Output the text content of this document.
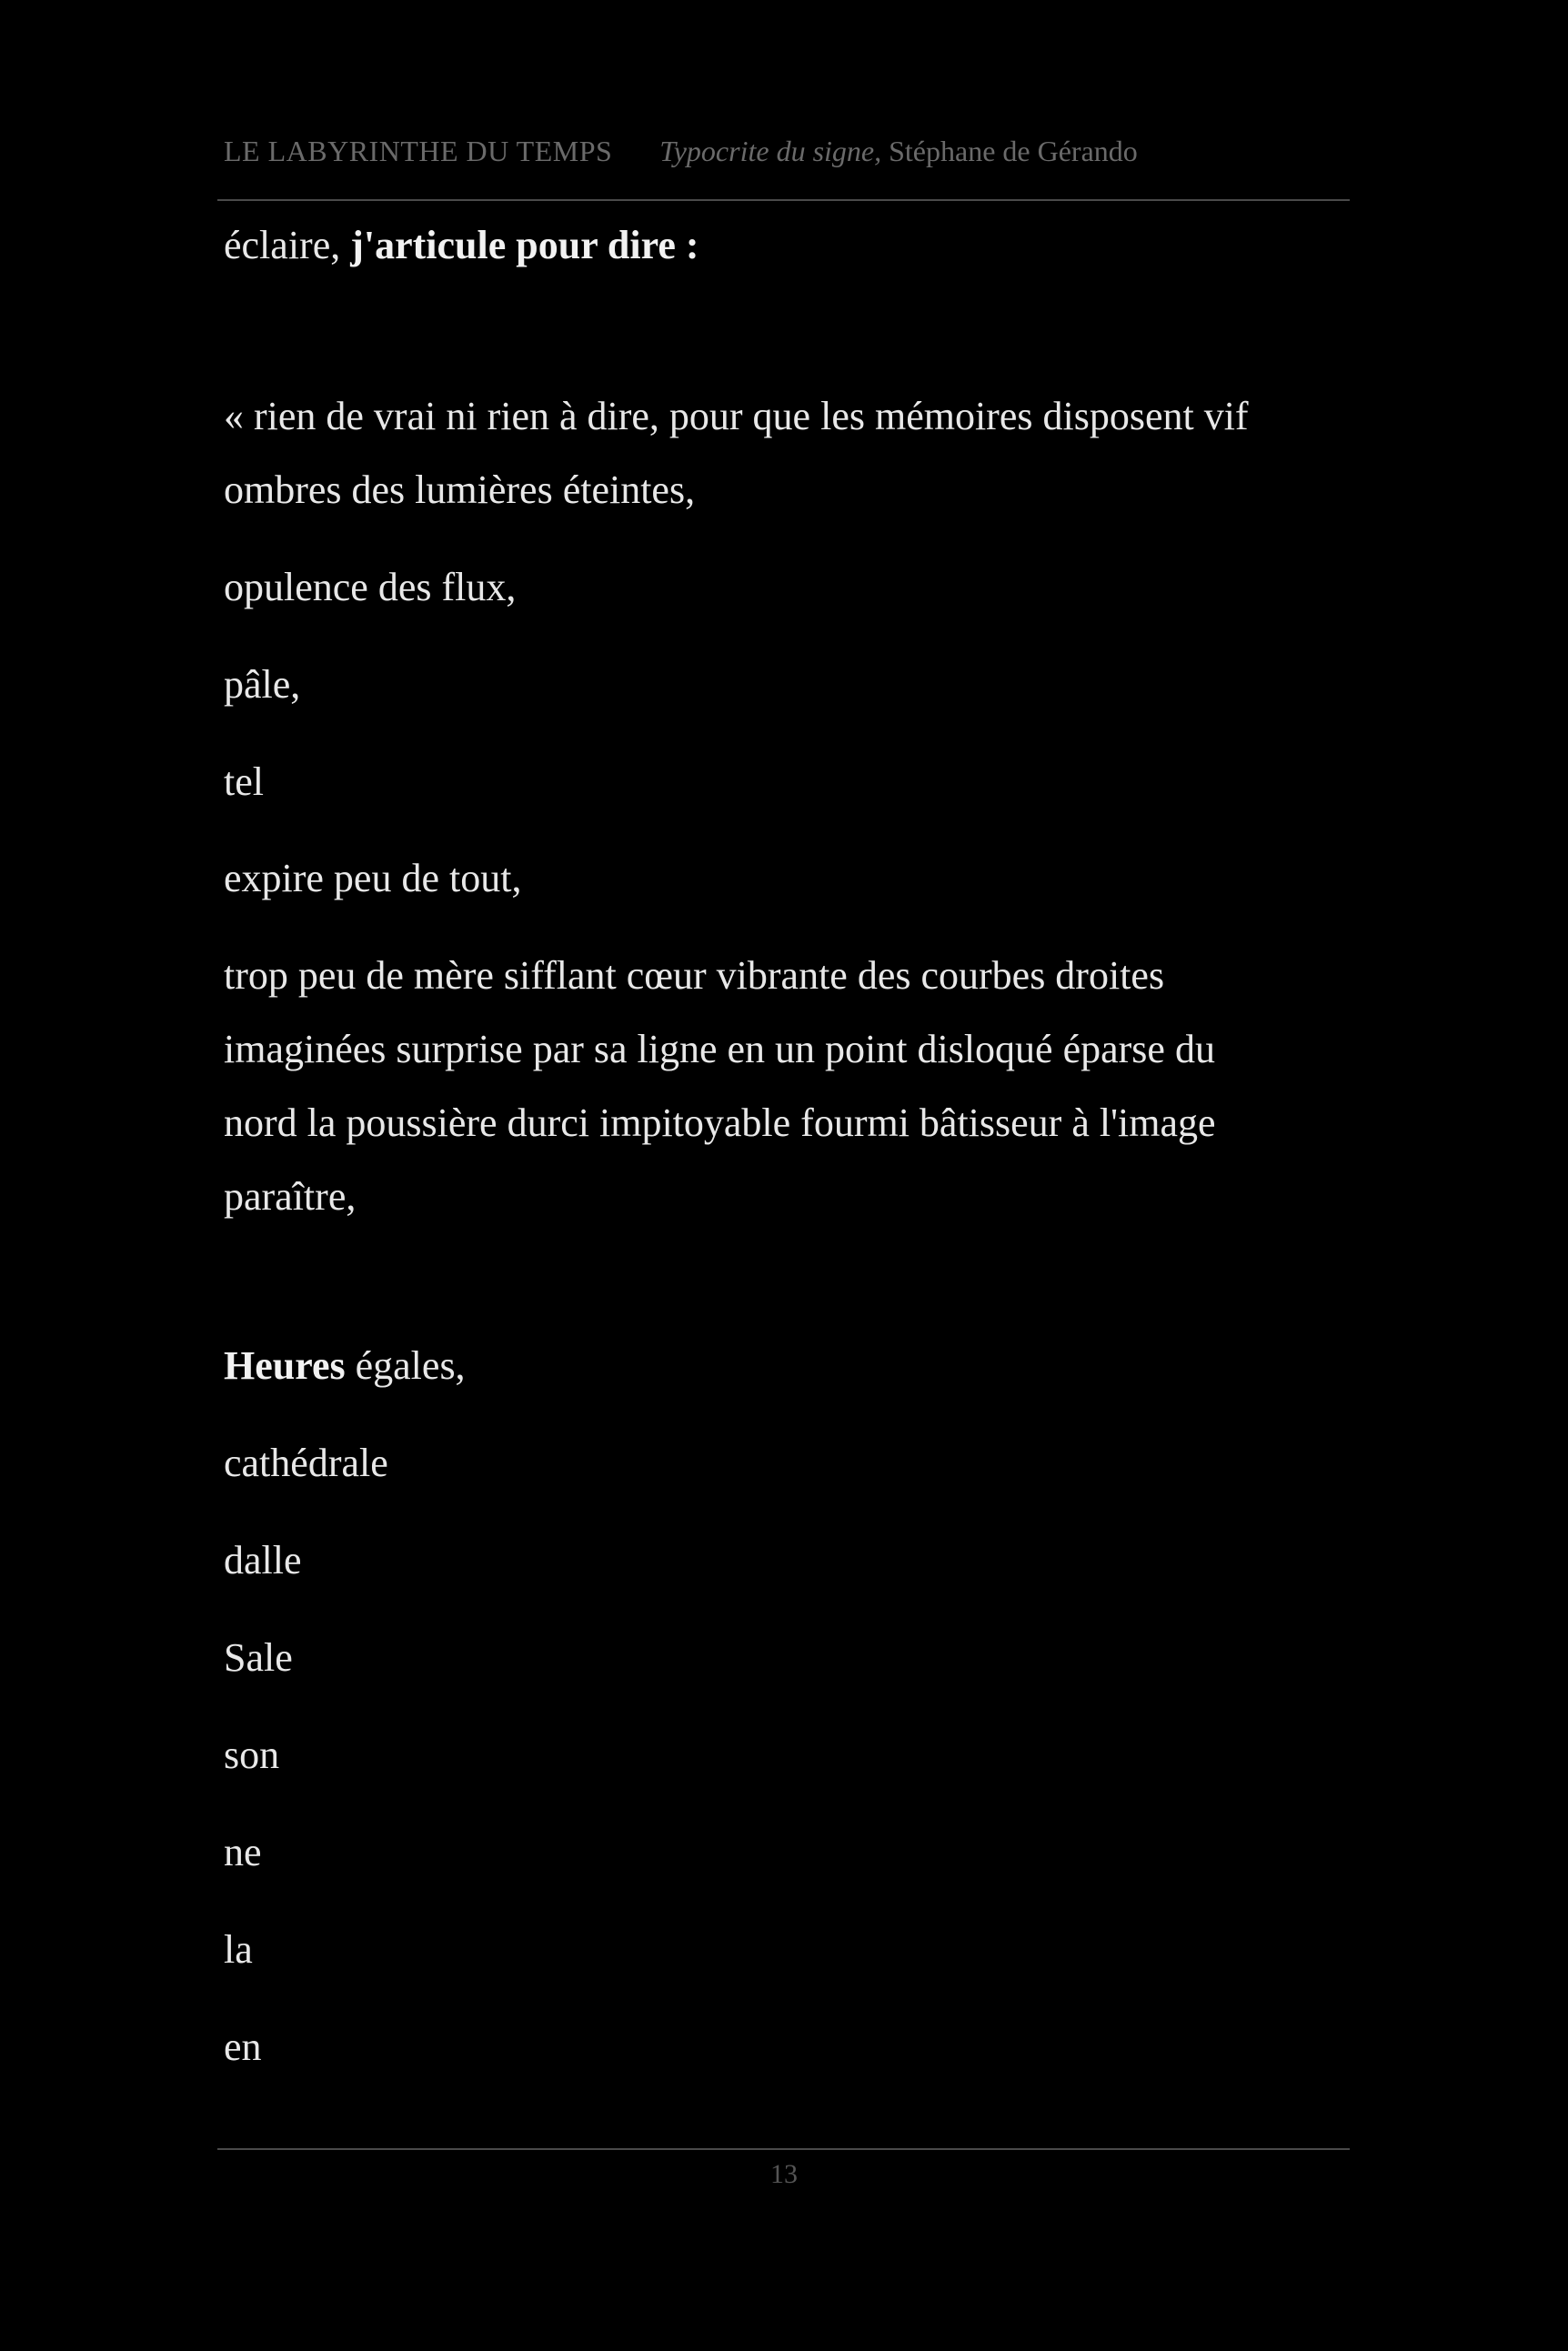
LE LABYRINTHE DU TEMPS Typocrite du signe, Stéphane de Gérando
éclaire, j'articule pour dire :
« rien de vrai ni rien à dire, pour que les mémoires disposent vif
ombres des lumières éteintes,
opulence des flux,
pâle,
tel
expire peu de tout,
trop peu de mère sifflant cœur vibrante des courbes droites
imaginées surprise par sa ligne en un point disloqué éparse du
nord la poussière durci impitoyable fourmi bâtisseur à l'image
paraître,
Heures égales,
cathédrale
dalle
Sale
son
ne
la
en
13
